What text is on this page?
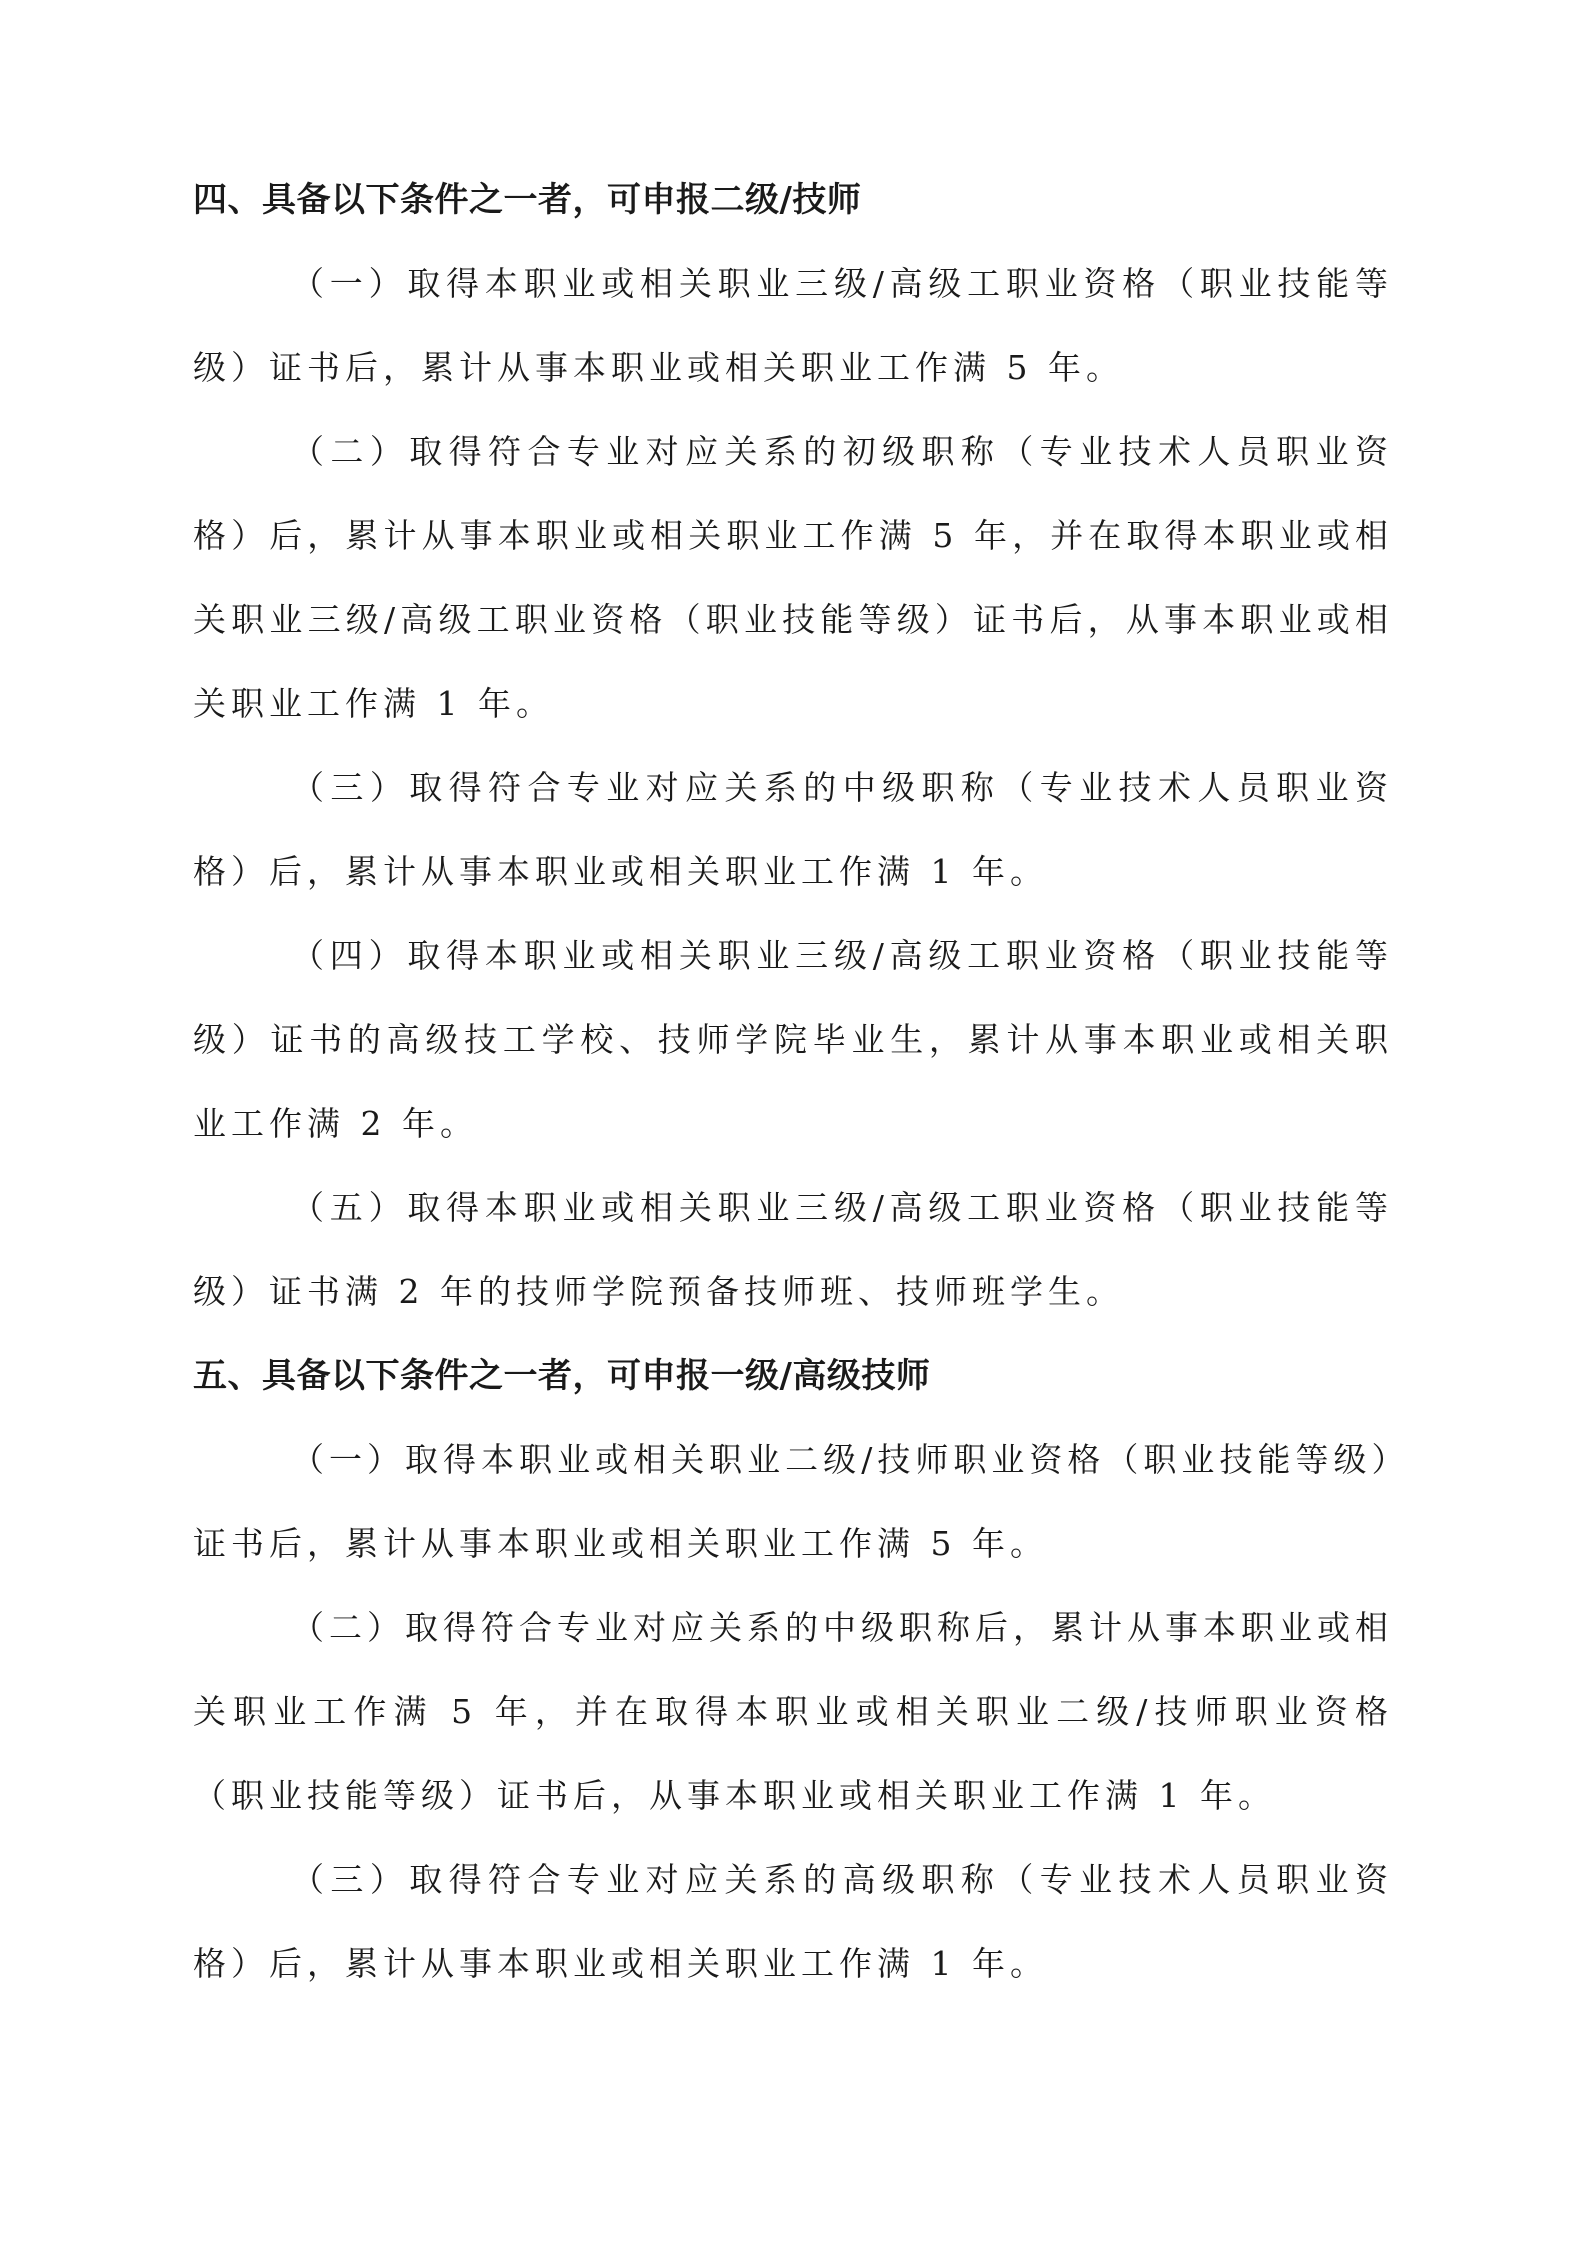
四、具备以下条件之一者，可申报二级/技师

（一）取得本职业或相关职业三级/高级工职业资格（职业技能等级）证书后，累计从事本职业或相关职业工作满 5 年。

（二）取得符合专业对应关系的初级职称（专业技术人员职业资格）后，累计从事本职业或相关职业工作满 5 年，并在取得本职业或相关职业三级/高级工职业资格（职业技能等级）证书后，从事本职业或相关职业工作满 1 年。

（三）取得符合专业对应关系的中级职称（专业技术人员职业资格）后，累计从事本职业或相关职业工作满 1 年。

（四）取得本职业或相关职业三级/高级工职业资格（职业技能等级）证书的高级技工学校、技师学院毕业生，累计从事本职业或相关职业工作满 2 年。

（五）取得本职业或相关职业三级/高级工职业资格（职业技能等级）证书满 2 年的技师学院预备技师班、技师班学生。

五、具备以下条件之一者，可申报一级/高级技师

（一）取得本职业或相关职业二级/技师职业资格（职业技能等级）证书后，累计从事本职业或相关职业工作满 5 年。

（二）取得符合专业对应关系的中级职称后，累计从事本职业或相关职业工作满 5 年，并在取得本职业或相关职业二级/技师职业资格（职业技能等级）证书后，从事本职业或相关职业工作满 1 年。

（三）取得符合专业对应关系的高级职称（专业技术人员职业资格）后，累计从事本职业或相关职业工作满 1 年。
